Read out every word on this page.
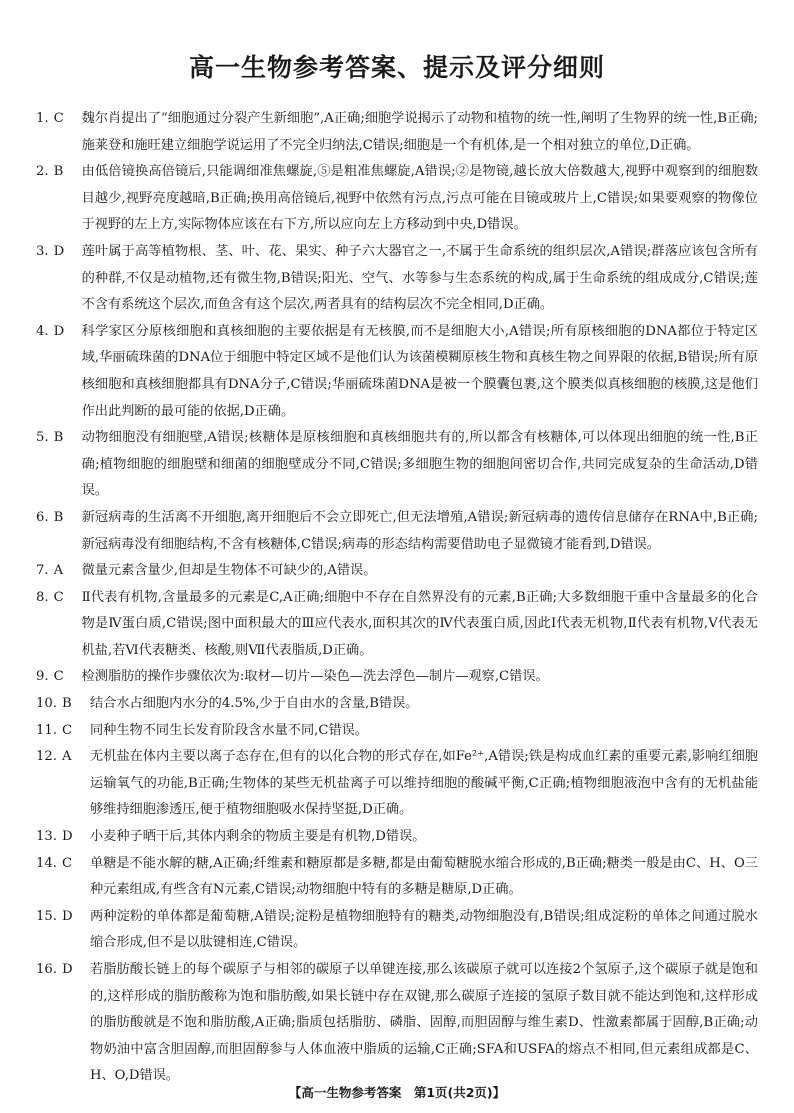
高一生物参考答案、提示及评分细则
1. C	魏尔肖提出了“细胞通过分裂产生新细胞”,A正确;细胞学说揭示了动物和植物的统一性,阐明了生物界的统一性,B正确;施莱登和施旺建立细胞学说运用了不完全归纳法,C错误;细胞是一个有机体,是一个相对独立的单位,D正确。
2. B	由低倍镜换高倍镜后,只能调细准焦螺旋,⑤是粗准焦螺旋,A错误;②是物镜,越长放大倍数越大,视野中观察到的细胞数目越少,视野亮度越暗,B正确;换用高倍镜后,视野中依然有污点,污点可能在目镜或玻片上,C错误;如果要观察的物像位于视野的左上方,实际物体应该在右下方,所以应向左上方移动到中央,D错误。
3. D	莲叶属于高等植物根、茎、叶、花、果实、种子六大器官之一,不属于生命系统的组织层次,A错误;群落应该包含所有的种群,不仅是动植物,还有微生物,B错误;阳光、空气、水等参与生态系统的构成,属于生命系统的组成成分,C错误;莲不含有系统这个层次,而鱼含有这个层次,两者具有的结构层次不完全相同,D正确。
4. D	科学家区分原核细胞和真核细胞的主要依据是有无核膜,而不是细胞大小,A错误;所有原核细胞的DNA都位于特定区域,华丽硫珠菌的DNA位于细胞中特定区域不是他们认为该菌模糊原核生物和真核生物之间界限的依据,B错误;所有原核细胞和真核细胞都具有DNA分子,C错误;华丽硫珠菌DNA是被一个膜囊包裹,这个膜类似真核细胞的核膜,这是他们作出此判断的最可能的依据,D正确。
5. B	动物细胞没有细胞壁,A错误;核糖体是原核细胞和真核细胞共有的,所以都含有核糖体,可以体现出细胞的统一性,B正确;植物细胞的细胞壁和细菌的细胞壁成分不同,C错误;多细胞生物的细胞间密切合作,共同完成复杂的生命活动,D错误。
6. B	新冠病毒的生活离不开细胞,离开细胞后不会立即死亡,但无法增殖,A错误;新冠病毒的遗传信息储存在RNA中,B正确;新冠病毒没有细胞结构,不含有核糖体,C错误;病毒的形态结构需要借助电子显微镜才能看到,D错误。
7. A	微量元素含量少,但却是生物体不可缺少的,A错误。
8. C	Ⅱ代表有机物,含量最多的元素是C,A正确;细胞中不存在自然界没有的元素,B正确;大多数细胞干重中含量最多的化合物是Ⅳ蛋白质,C错误;图中面积最大的Ⅲ应代表水,面积其次的Ⅳ代表蛋白质,因此Ⅰ代表无机物,Ⅱ代表有机物,Ⅴ代表无机盐,若Ⅵ代表糖类、核酸,则Ⅶ代表脂质,D正确。
9. C	检测脂肪的操作步骤依次为:取材—切片—染色—洗去浮色—制片—观察,C错误。
10. B	结合水占细胞内水分的4.5%,少于自由水的含量,B错误。
11. C	同种生物不同生长发育阶段含水量不同,C错误。
12. A	无机盐在体内主要以离子态存在,但有的以化合物的形式存在,如Fe²⁺,A错误;铁是构成血红素的重要元素,影响红细胞运输氧气的功能,B正确;生物体的某些无机盐离子可以维持细胞的酸碱平衡,C正确;植物细胞液泡中含有的无机盐能够维持细胞渗透压,便于植物细胞吸水保持坚挺,D正确。
13. D	小麦种子晒干后,其体内剩余的物质主要是有机物,D错误。
14. C	单糖是不能水解的糖,A正确;纤维素和糖原都是多糖,都是由葡萄糖脱水缩合形成的,B正确;糖类一般是由C、H、O三种元素组成,有些含有N元素,C错误;动物细胞中特有的多糖是糖原,D正确。
15. D	两种淀粉的单体都是葡萄糖,A错误;淀粉是植物细胞特有的糖类,动物细胞没有,B错误;组成淀粉的单体之间通过脱水缩合形成,但不是以肽键相连,C错误。
16. D	若脂肪酸长链上的每个碳原子与相邻的碳原子以单键连接,那么该碳原子就可以连接2个氢原子,这个碳原子就是饱和的,这样形成的脂肪酸称为饱和脂肪酸,如果长链中存在双键,那么碳原子连接的氢原子数目就不能达到饱和,这样形成的脂肪酸就是不饱和脂肪酸,A正确;脂质包括脂肪、磷脂、固醇,而胆固醇与维生素D、性激素都属于固醇,B正确;动物奶油中富含胆固醇,而胆固醇参与人体血液中脂质的运输,C正确;SFA和USFA的熔点不相同,但元素组成都是C、H、O,D错误。
【高一生物参考答案　第1页(共2页)】
